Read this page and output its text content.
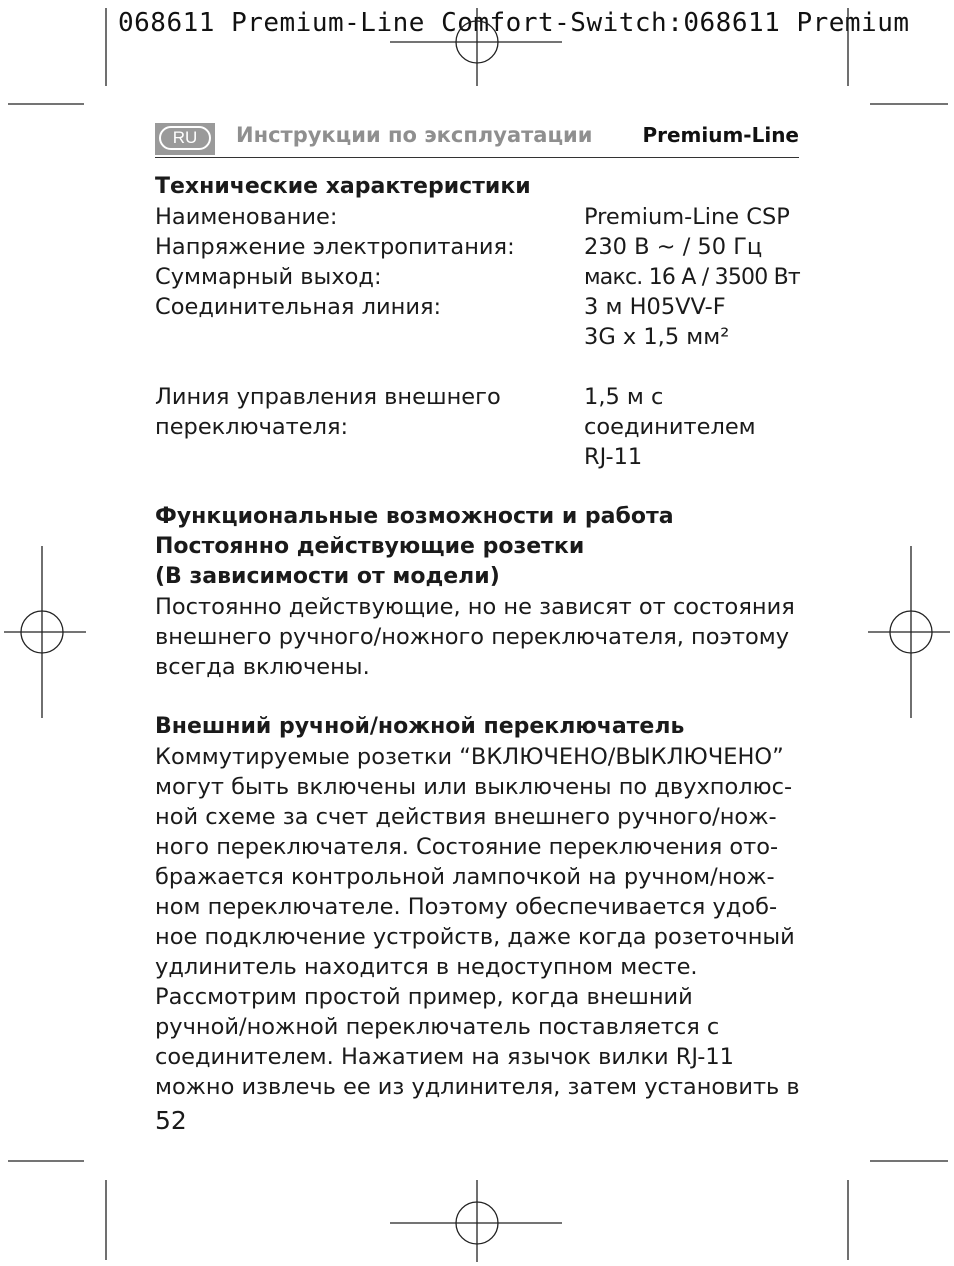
068611 Premium-Line Comfort-Switch:068611 Premium
RU	Инструкции по эксплуатации Premium-Line
Технические характеристики
Наименование:	Premium-Line CSP
Напряжение электропитания:	230 В ~ / 50 Гц
Суммарный выход:	макс. 16 А / 3500 Вт
Соединительная линия:	3 м H05VV-F
3G x 1,5 мм²
Линия управления внешнего	1,5 м с
переключателя:	соединителем
RJ-11
Функциональные возможности и работа
Постоянно действующие розетки
(В зависимости от модели)
Постоянно действующие, но не зависят от состояния
внешнего ручного/ножного переключателя, поэтому
всегда включены.
Внешний ручной/ножной переключатель
Коммутируемые розетки “ВКЛЮЧЕНО/ВЫКЛЮЧЕНО”
могут быть включены или выключены по двухполюс-
ной схеме за счет действия внешнего ручного/нож-
ного переключателя. Состояние переключения ото-
бражается контрольной лампочкой на ручном/нож-
ном переключателе. Поэтому обеспечивается удоб-
ное подключение устройств, даже когда розеточный
удлинитель находится в недоступном месте.
Рассмотрим простой пример, когда внешний
ручной/ножной переключатель поставляется с
соединителем. Нажатием на язычок вилки RJ-11
можно извлечь ее из удлинителя, затем установить в
52
